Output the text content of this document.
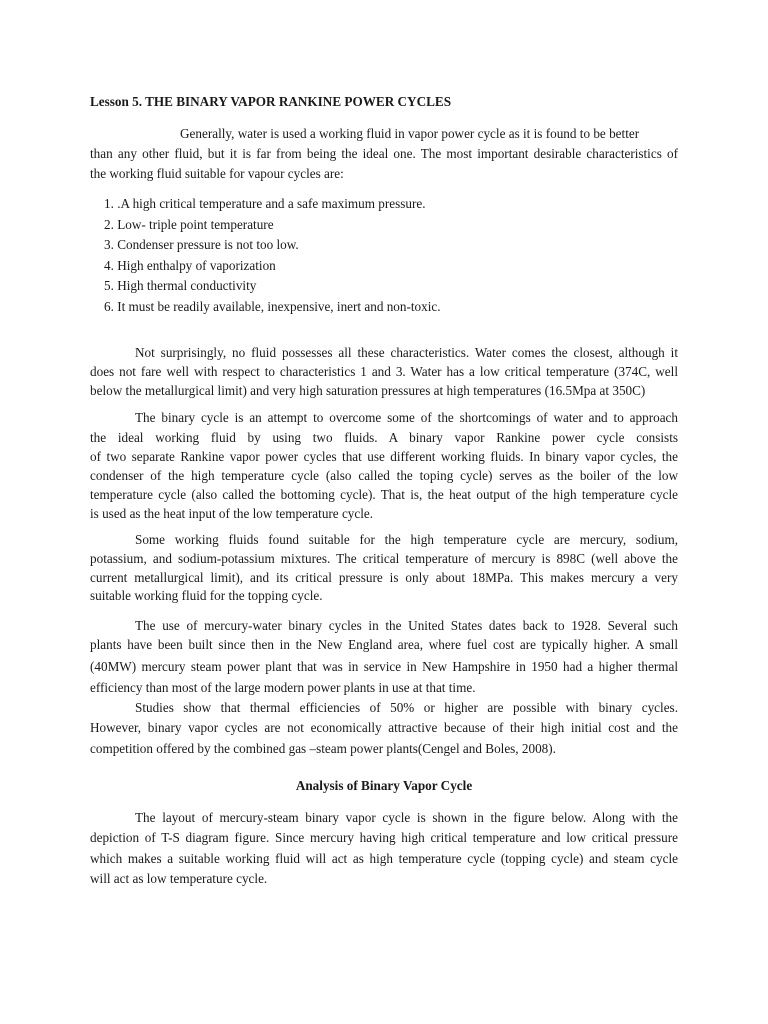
Lesson 5. THE BINARY VAPOR RANKINE POWER CYCLES
Generally, water is used a working fluid in vapor power cycle as it is found to be better
than any other fluid, but it is far from being the ideal one. The most important desirable characteristics of
the working fluid suitable for vapour cycles are:
1. .A high critical temperature and a safe maximum pressure.
2. Low- triple point temperature
3. Condenser pressure is not too low.
4. High enthalpy of vaporization
5. High thermal conductivity
6. It must be readily available, inexpensive, inert and non-toxic.
Not surprisingly, no fluid possesses all these characteristics. Water comes the closest, although it
does not fare well with respect to characteristics 1 and 3. Water has a low critical temperature (374C, well
below the metallurgical limit) and very high saturation pressures at high temperatures (16.5Mpa at 350C)
The binary cycle is an attempt to overcome some of the shortcomings of water and to approach
the ideal working fluid by using two fluids. A binary vapor Rankine power cycle consists
of two separate Rankine vapor power cycles that use different working fluids. In binary vapor cycles, the
condenser of the high temperature cycle (also called the toping cycle) serves as the boiler of the low
temperature cycle (also called the bottoming cycle). That is, the heat output of the high temperature cycle
is used as the heat input of the low temperature cycle.
Some working fluids found suitable for the high temperature cycle are mercury, sodium,
potassium, and sodium-potassium mixtures. The critical temperature of mercury is 898C (well above the
current metallurgical limit), and its critical pressure is only about 18MPa. This makes mercury a very
suitable working fluid for the topping cycle.
The use of mercury-water binary cycles in the United States dates back to 1928. Several such
plants have been built since then in the New England area, where fuel cost are typically higher. A small
(40MW) mercury steam power plant that was in service in New Hampshire in 1950 had a higher thermal
efficiency than most of the large modern power plants in use at that time.
Studies show that thermal efficiencies of 50% or higher are possible with binary cycles.
However, binary vapor cycles are not economically attractive because of their high initial cost and the
competition offered by the combined gas –steam power plants(Cengel and Boles, 2008).
Analysis of Binary Vapor Cycle
The layout of mercury-steam binary vapor cycle is shown in the figure below. Along with the
depiction of T-S diagram figure. Since mercury having high critical temperature and low critical pressure
which makes a suitable working fluid will act as high temperature cycle (topping cycle) and steam cycle
will act as low temperature cycle.
